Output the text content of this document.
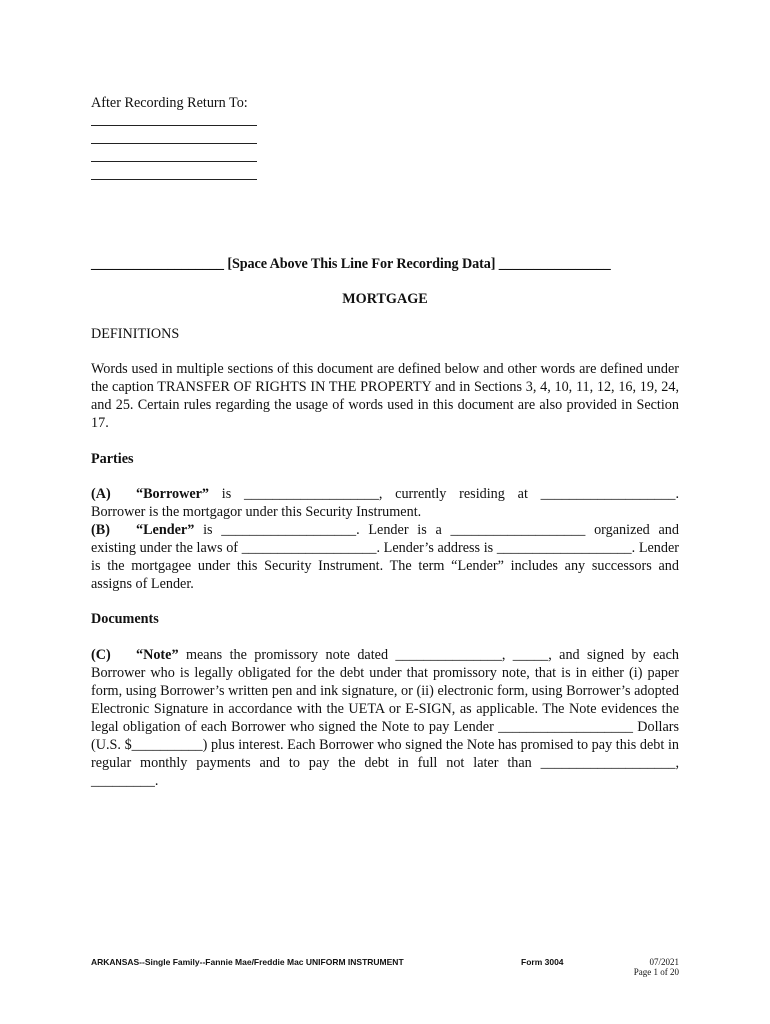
After Recording Return To:
___________________ [Space Above This Line For Recording Data] ________________
MORTGAGE
DEFINITIONS
Words used in multiple sections of this document are defined below and other words are defined under the caption TRANSFER OF RIGHTS IN THE PROPERTY and in Sections 3, 4, 10, 11, 12, 16, 19, 24, and 25. Certain rules regarding the usage of words used in this document are also provided in Section 17.
Parties
(A) “Borrower” is ___________________, currently residing at ___________________. Borrower is the mortgagor under this Security Instrument.
(B) “Lender” is ___________________. Lender is a ___________________ organized and existing under the laws of ___________________. Lender’s address is ___________________. Lender is the mortgagee under this Security Instrument. The term “Lender” includes any successors and assigns of Lender.
Documents
(C) “Note” means the promissory note dated _______________, _____, and signed by each Borrower who is legally obligated for the debt under that promissory note, that is in either (i) paper form, using Borrower’s written pen and ink signature, or (ii) electronic form, using Borrower’s adopted Electronic Signature in accordance with the UETA or E-SIGN, as applicable. The Note evidences the legal obligation of each Borrower who signed the Note to pay Lender ___________________ Dollars (U.S. $__________) plus interest. Each Borrower who signed the Note has promised to pay this debt in regular monthly payments and to pay the debt in full not later than ___________________, _________.
ARKANSAS--Single Family--Fannie Mae/Freddie Mac UNIFORM INSTRUMENT	Form 3004	07/2021
Page 1 of 20
